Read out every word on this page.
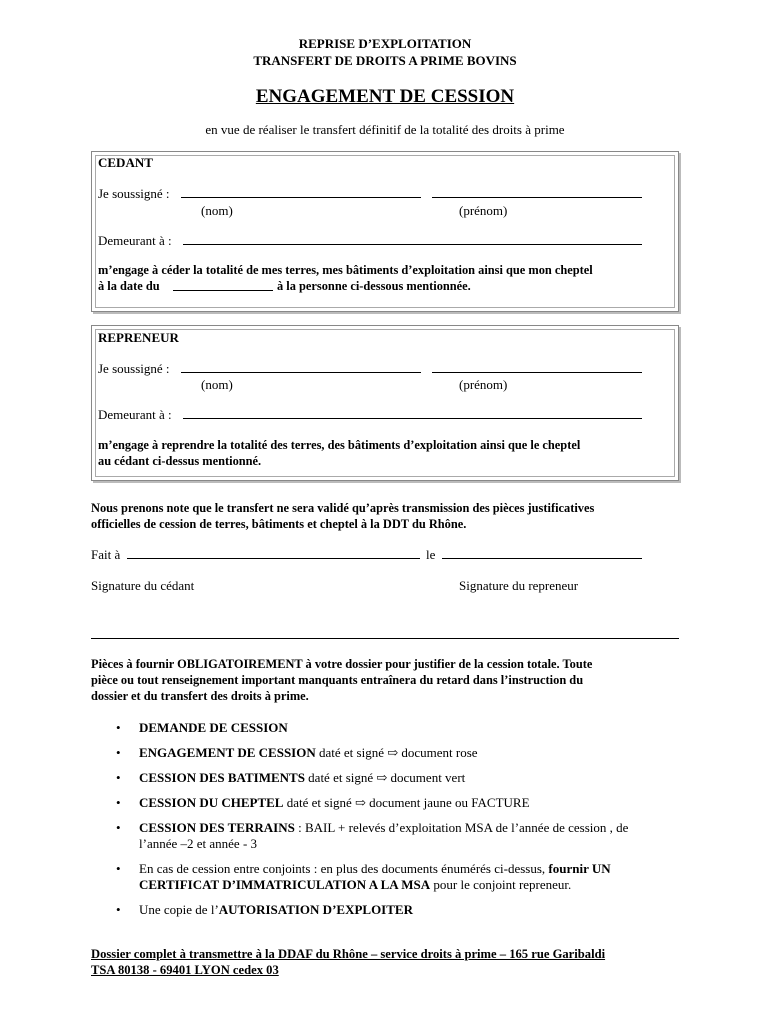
REPRISE D’EXPLOITATION
TRANSFERT DE DROITS A PRIME BOVINS
ENGAGEMENT DE CESSION
en vue de réaliser le transfert définitif de la totalité des droits à prime
CEDANT
Je soussigné :
(nom)	(prénom)
Demeurant à :
m’engage à céder la totalité de mes terres, mes bâtiments d’exploitation ainsi que mon cheptel
à la date du	à la personne ci-dessous mentionnée.
REPRENEUR
Je soussigné :
(nom)	(prénom)
Demeurant à :
m’engage à reprendre la totalité des terres, des bâtiments d’exploitation ainsi que le cheptel
au cédant ci-dessus mentionné.
Nous prenons note que le transfert ne sera validé qu’après transmission des pièces justificatives
officielles de cession de terres, bâtiments et cheptel à la DDT du Rhône.
Fait à	le
Signature du cédant	Signature du repreneur
Pièces à fournir OBLIGATOIREMENT à votre dossier pour justifier de la cession totale. Toute
pièce ou tout renseignement important manquants entraînera du retard dans l’instruction du
dossier et du transfert des droits à prime.
• DEMANDE DE CESSION
• ENGAGEMENT DE CESSION daté et signé ⇨ document rose
• CESSION DES BATIMENTS daté et signé ⇨ document vert
• CESSION DU CHEPTEL daté et signé ⇨ document jaune ou FACTURE
• CESSION DES TERRAINS : BAIL + relevés d’exploitation MSA de l’année de cession , de
l’année –2 et année - 3
• En cas de cession entre conjoints : en plus des documents énumérés ci-dessus, fournir UN
CERTIFICAT D’IMMATRICULATION A LA MSA pour le conjoint repreneur.
• Une copie de l’AUTORISATION D’EXPLOITER
Dossier complet à transmettre à la DDAF du Rhône – service droits à prime – 165 rue Garibaldi
TSA 80138 - 69401 LYON cedex 03
